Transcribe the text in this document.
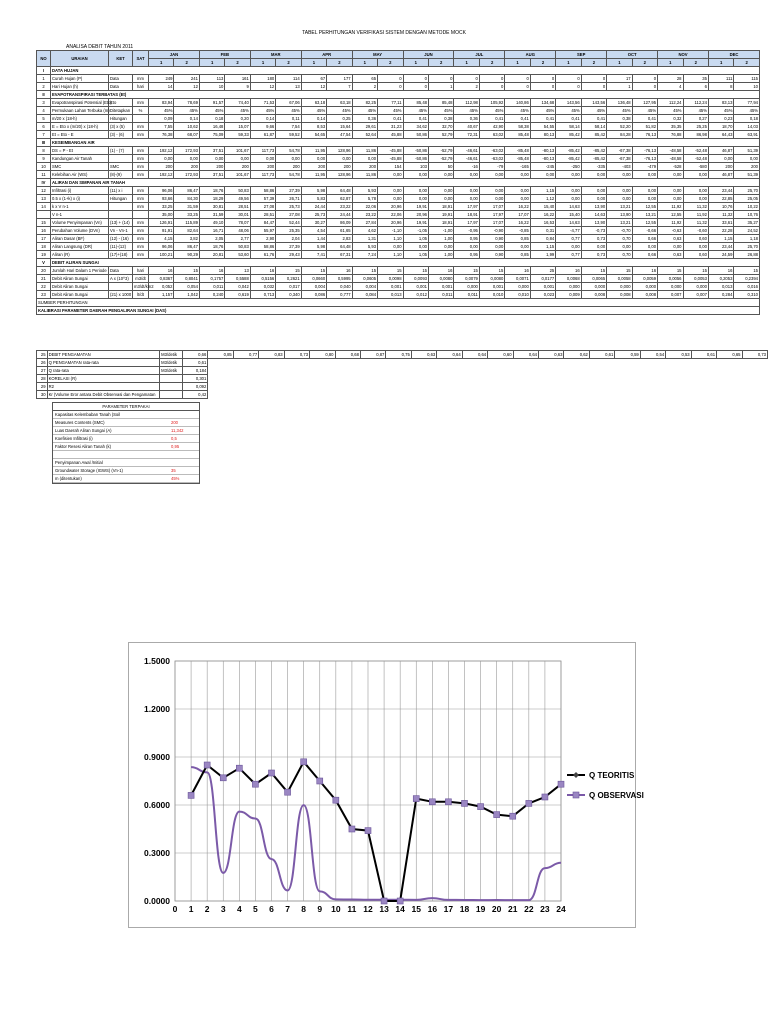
TABEL PERHITUNGAN VERIFIKASI SISTEM DENGAN METODE MOCK
ANALISA DEBIT TAHUN 2011
NO	URAIAN	KET	SAT	JAN		FEB		MAR		APR		MAY		JUN		JUL		AUG		SEP		OCT		NOV		DEC	
				1	2	1	2	1	2	1	2	1	2	1	2	1	2	1	2	1	2	1	2	1	2	1	2
I	DATA HUJAN																										
1	Curah Hujan (P)	Data	mm	249	241	113	161	180	114	67	177	65	0	0	0	0	0	0	0	0	0	17	0	28	35	111	115
2	Hari Hujan (h)	Data	hari	14	12	10	9	12	13	12	7	2	0	0	1	2	0	0	0	0	0	1	0	4	6	8	10
II	EVAPOTRANSPIRASI TERBATAS (Et)																										
3	Evapotranspirasi Potensial (Eto)	Eto	mm	83,94	78,69	91,57	74,40	71,53	67,06	63,18	63,18	82,25	77,11	85,48	85,48	112,98	105,92	140,86	134,68	143,56	143,56	136,48	127,95	112,24	112,24	83,13	77,94
4	Permukaan Lahan Terbuka (m)	Ditetapkan	%	45%	45%	45%	45%	45%	45%	45%	45%	45%	45%	45%	45%	45%	45%	45%	45%	45%	45%	45%	45%	45%	45%	45%	45%
5	m/20 x (18-h)	Hitungan		0,09	0,14	0,18	0,20	0,14	0,11	0,14	0,25	0,36	0,41	0,41	0,38	0,36	0,41	0,41	0,41	0,41	0,41	0,38	0,41	0,32	0,27	0,23	0,18
6	E = Eto x (m/20) x (18-h)	(3) x (5)	mm	7,55	10,62	16,48	15,07	9,66	7,54	8,53	15,64	29,61	31,23	34,62	32,70	40,67	42,90	58,38	54,55	58,14	58,14	52,20	51,82	35,35	25,25	18,70	14,03
7	Et = Eto - E	(3) - (6)	mm	76,38	68,07	75,09	59,33	61,87	59,52	54,65	47,54	52,64	45,88	50,86	52,79	72,31	63,02	85,48	80,13	85,42	85,42	84,28	76,13	76,88	86,98	64,43	63,91
III	KESEIMBANGAN AIR																										
8	DS = P - Et	(1) - (7)	mm	192,12	172,93	37,51	101,67	117,73	54,78	11,95	128,96	11,86	-45,88	-50,86	-52,79	-46,61	-63,02	-85,48	-80,13	-85,42	-85,42	-67,38	-76,13	-48,58	-52,48	46,87	51,39
9	Kandungan Air Tanah		mm	0,00	0,00	0,00	0,00	0,00	0,00	0,00	0,00	0,00	-45,88	-50,86	-52,79	-46,61	-63,02	-85,48	-80,13	-85,42	-85,42	-67,38	-76,13	-48,58	-52,48	0,00	0,00
10	SMC	SMC	mm	200	200	200	200	200	200	200	200	200	154	103	50	-16	-79	-165	-245	-250	-335	-403	-479	-528	-580	200	200
11	Kelebihan Air (WS)	(8)-(9)	mm	192,12	172,93	37,51	101,67	117,73	54,78	11,95	128,96	11,86	0,00	0,00	0,00	0,00	0,00	0,00	0,00	0,00	0,00	0,00	0,00	0,00	0,00	46,87	51,39
IV	ALIRAN DAN SIMPANAN AIR TANAH																										
12	Infiltrasi (i)	(11) x i	mm	96,06	86,47	18,76	50,83	58,86	27,39	5,98	64,48	5,93	0,00	0,00	0,00	0,00	0,00	0,00	1,15	0,00	0,00	0,00	0,00	0,00	0,00	23,44	25,70
13	0.5 x (1+k) x (i)	Hitungan	mm	93,66	84,30	18,29	49,56	57,39	26,71	5,83	62,87	5,78	0,00	0,00	0,00	0,00	0,00	0,00	1,12	0,00	0,00	0,00	0,00	0,00	0,00	22,85	25,05
14	k x V n-1		mm	33,25	31,59	30,81	28,51	27,08	25,73	24,44	23,22	22,06	20,96	19,91	18,91	17,97	17,07	16,22	15,40	14,63	13,90	13,21	12,55	11,92	11,32	10,76	10,22
	V n-1			35,00	33,25	31,59	30,01	28,51	27,08	25,73	24,44	23,22	22,06	20,96	19,91	18,91	17,97	17,07	16,22	15,40	14,63	13,90	13,21	12,55	11,92	11,32	10,76
15	Volume Penyimpanan (Vn)	(13) + (14)	mm	126,91	115,89	49,10	78,07	84,47	52,44	30,27	86,09	27,84	20,96	19,91	18,91	17,97	17,07	16,22	16,53	14,63	13,90	13,21	12,55	11,92	11,32	33,61	35,27
16	Perubahan Volume (DVn)	Vn - Vn-1	mm	91,91	82,64	16,71	48,06	55,97	25,35	4,54	61,65	4,62	-1,10	-1,05	-1,00	-0,95	-0,90	-0,85	0,31	-4,77	-0,73	-0,70	-0,66	-0,63	-0,60	22,28	24,52
17	Aliran Dasar (BF)	(12) - (16)	mm	4,15	3,82	2,05	2,77	2,90	2,04	1,44	2,83	1,31	1,10	1,05	1,00	0,95	0,90	0,85	0,84	0,77	0,73	0,70	0,66	0,63	0,60	1,15	1,18
18	Aliran Langsung (DR)	(11)-(12)	mm	96,06	86,47	18,76	50,83	58,86	27,39	5,98	64,48	5,93	0,00	0,00	0,00	0,00	0,00	0,00	1,15	0,00	0,00	0,00	0,00	0,00	0,00	23,44	25,70
19	Aliran (R)	(17)+(18)	mm	100,21	90,29	20,81	53,60	61,76	29,43	7,41	67,31	7,24	1,10	1,05	1,00	0,95	0,90	0,85	1,99	0,77	0,73	0,70	0,66	0,63	0,60	24,59	26,88
V	DEBIT ALIRAN SUNGAI																										
20	Jumlah Hari Dalam 1 Periode	Data	hari	16	15	16	13	16	15	15	16	15	15	15	16	15	15	16	25	16	15	15	16	15	15	16	15
21	Debit Aliran Sungai	A x (10^3)	m3/dt	0,8367	0,8041	0,1757	0,5588	0,5156	0,2621	0,0660	0,5995	0,0605	0,0098	0,0093	0,0080	0,0079	0,0080	0,0071	0,0177	0,0068	0,0065	0,0058	0,0059	0,0056	0,0053	0,2053	0,2394
22	Debit Aliran Sungai		m3/dt/km2	0,052	0,054	0,011	0,042	0,032	0,017	0,004	0,040	0,004	0,001	0,001	0,001	0,000	0,001	0,000	0,001	0,000	0,000	0,000	0,000	0,000	0,000	0,013	0,016
23	Debit Aliran Sungai	(21) x 1000	lt/dt	1,157	1,042	0,240	0,619	0,713	0,340	0,086	0,777	0,084	0,013	0,012	0,011	0,011	0,010	0,010	0,023	0,009	0,008	0,008	0,008	0,007	0,007	0,284	0,310
SUMBER PERHITUNGAN																											
KALIBRASI PARAMETER DAERAH PENGALIRAN SUNGAI (DAS)																											
25	DEBIT PENGAMATAN	M3/detik	0,66	0,85	0,77	0,83	0,73	0,80	0,68	0,87	0,75	0,63	0,64	0,64	0,60	0,64	0,63	0,62	0,61	0,59	0,54	0,53	0,61	0,65	0,73
26	Q PENGAMATAN rata-rata	M3/detik	0,61																						
27	Q rata-rata	M3/detik	0,184																						
28	KORELASI (R)		0,301																						
29	R2		0,092																						
30	Kr (Volume Eror antara Debit Observasi dan Pengamatan		0,42																						
PARAMETER TERPAKAI
Kapasitas Kelembaban Tanah (Soil
Measures Contents (SMC)	200
Luas Daerah Aliran Sungai (A)	11,342
Koefisien Infiltrasi (i)	0,5
Faktor Resesi Aliran Tanah (k)	0,95
Penyimpanan Awal /Initial
Groundwater Storage (IGWS) (Vn-1)	35
m (ditentukan)	45%
0.0000
0.3000
0.6000
0.9000
1.2000
1.5000
0 1 2 3 4 5 6 7 8 9 10 11 12 13 14 15 16 17 18 19 20 21 22 23 24
Q TEORITIS
Q OBSERVASI
